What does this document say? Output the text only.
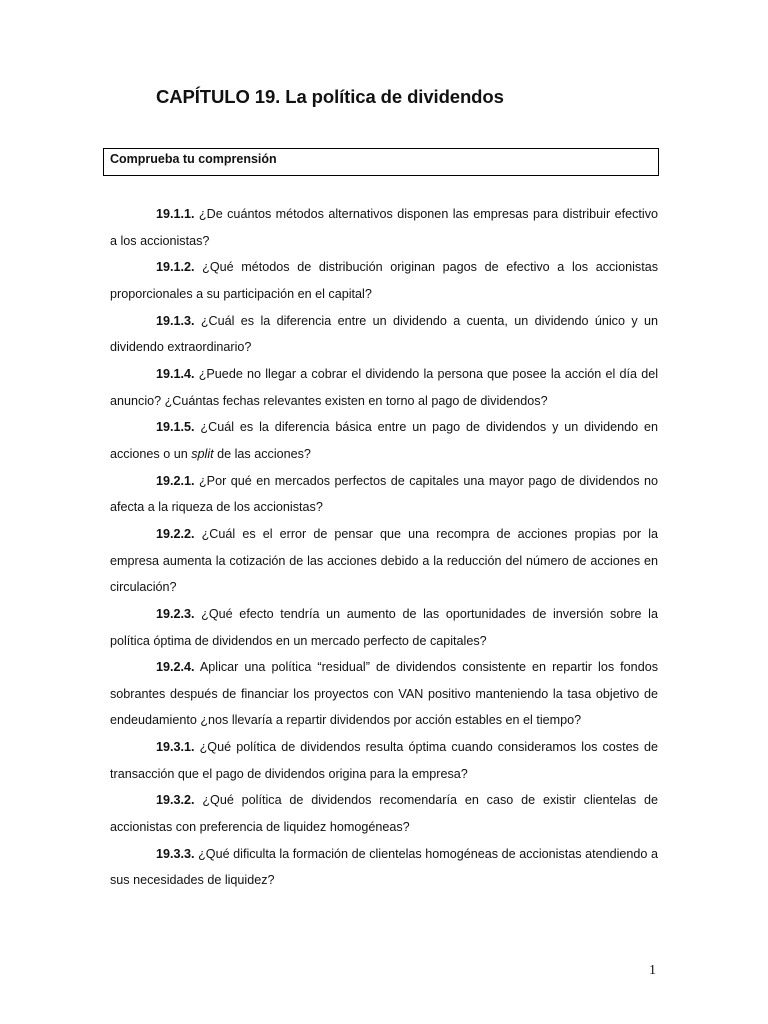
CAPÍTULO 19. La política de dividendos
Comprueba tu comprensión

19.1.1. ¿De cuántos métodos alternativos disponen las empresas para distribuir efectivo a los accionistas?

19.1.2. ¿Qué métodos de distribución originan pagos de efectivo a los accionistas proporcionales a su participación en el capital?

19.1.3. ¿Cuál es la diferencia entre un dividendo a cuenta, un dividendo único y un dividendo extraordinario?

19.1.4. ¿Puede no llegar a cobrar el dividendo la persona que posee la acción el día del anuncio? ¿Cuántas fechas relevantes existen en torno al pago de dividendos?

19.1.5. ¿Cuál es la diferencia básica entre un pago de dividendos y un dividendo en acciones o un split de las acciones?

19.2.1. ¿Por qué en mercados perfectos de capitales una mayor pago de dividendos no afecta a la riqueza de los accionistas?

19.2.2. ¿Cuál es el error de pensar que una recompra de acciones propias por la empresa aumenta la cotización de las acciones debido a la reducción del número de acciones en circulación?

19.2.3. ¿Qué efecto tendría un aumento de las oportunidades de inversión sobre la política óptima de dividendos en un mercado perfecto de capitales?

19.2.4. Aplicar una política “residual” de dividendos consistente en repartir los fondos sobrantes después de financiar los proyectos con VAN positivo manteniendo la tasa objetivo de endeudamiento ¿nos llevaría a repartir dividendos por acción estables en el tiempo?

19.3.1. ¿Qué política de dividendos resulta óptima cuando consideramos los costes de transacción que el pago de dividendos origina para la empresa?

19.3.2. ¿Qué política de dividendos recomendaría en caso de existir clientelas de accionistas con preferencia de liquidez homogéneas?

19.3.3. ¿Qué dificulta la formación de clientelas homogéneas de accionistas atendiendo a sus necesidades de liquidez?

1
